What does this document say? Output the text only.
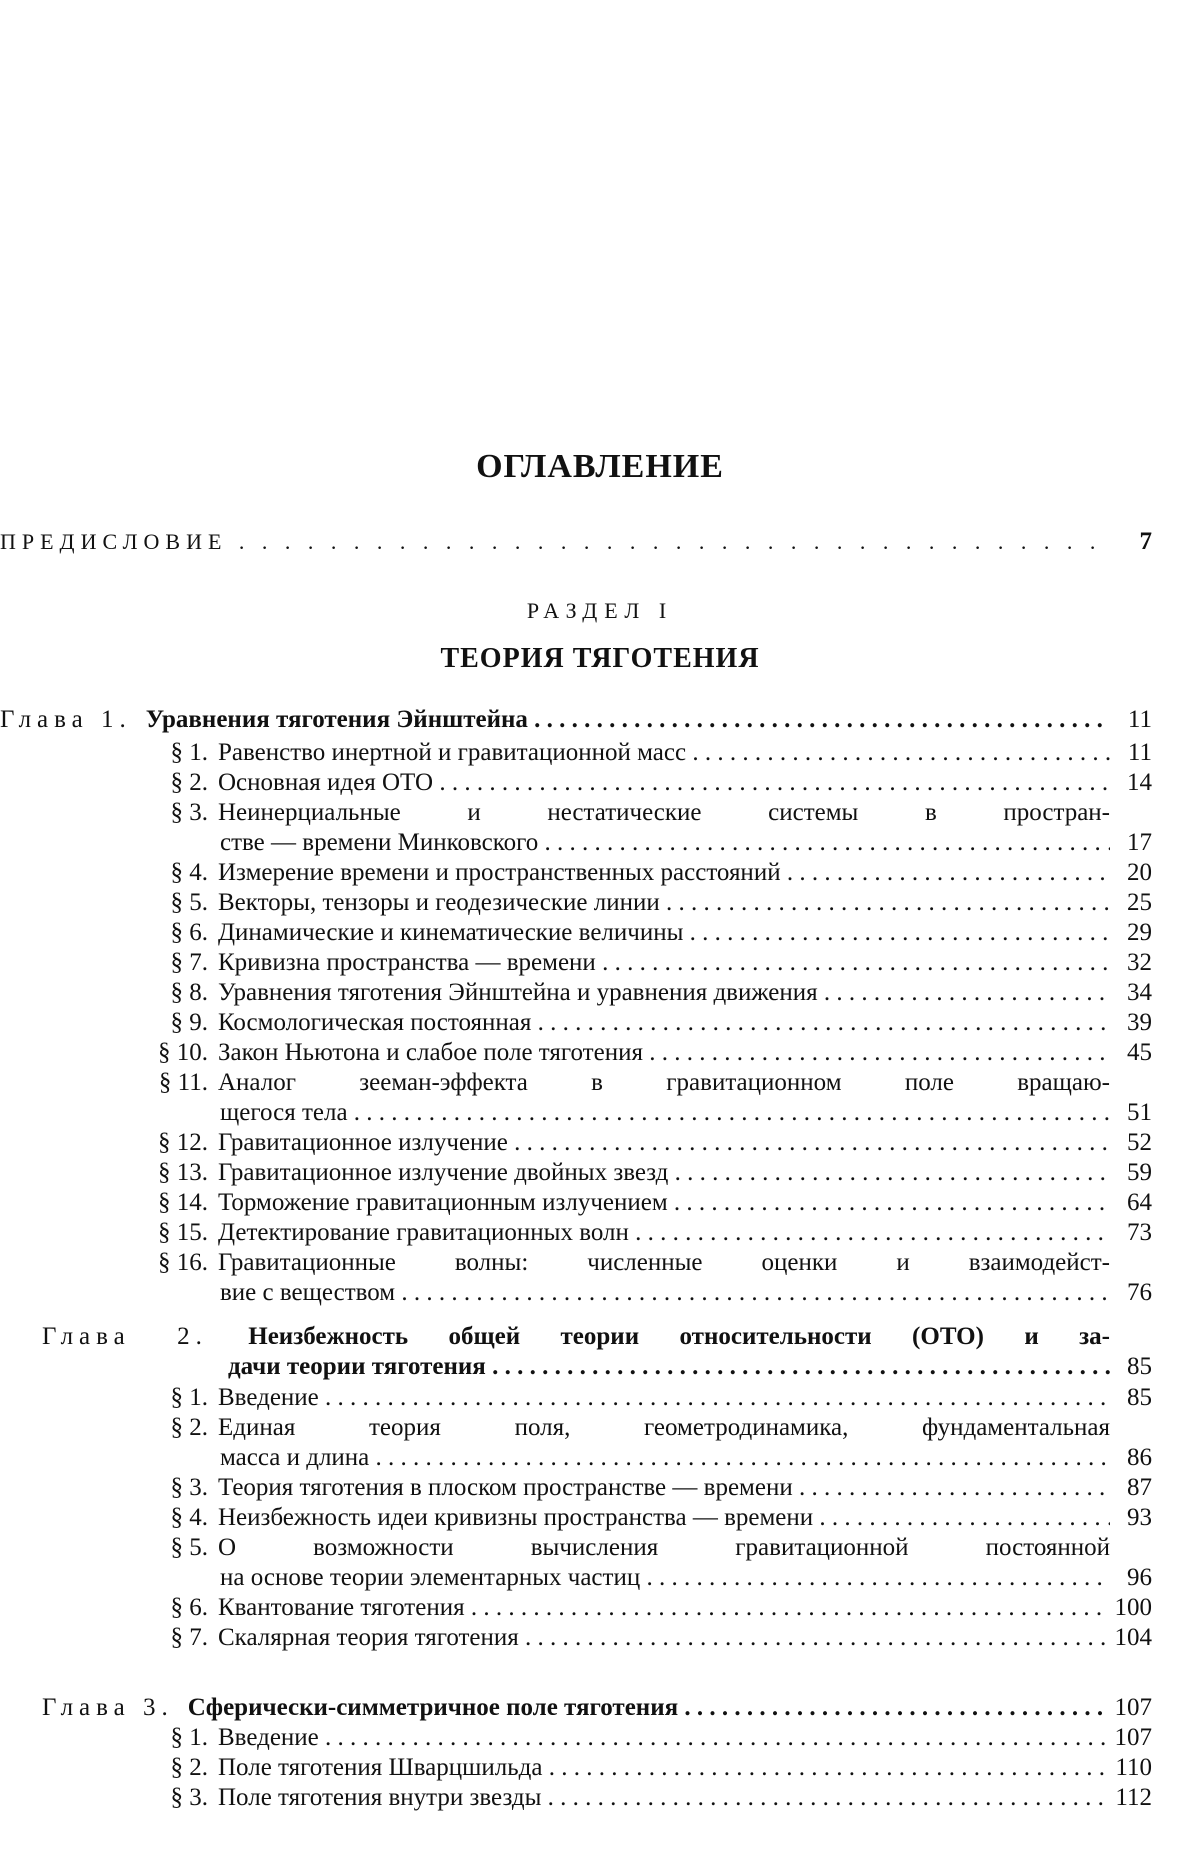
ОГЛАВЛЕНИЕ
ПРЕДИСЛОВИЕ . . .	7
РАЗДЕЛ I
ТЕОРИЯ ТЯГОТЕНИЯ
Глава 1. Уравнения тяготения Эйнштейна . . .	11
§ 1. Равенство инертной и гравитационной масс . . .	11
§ 2. Основная идея ОТО . . .	14
§ 3. Неинерциальные и нестатические системы в простран-
стве — времени Минковского . . .	17
§ 4. Измерение времени и пространственных расстояний . . .	20
§ 5. Векторы, тензоры и геодезические линии . . .	25
§ 6. Динамические и кинематические величины . . .	29
§ 7. Кривизна пространства — времени . . .	32
§ 8. Уравнения тяготения Эйнштейна и уравнения движения . . .	34
§ 9. Космологическая постоянная . . .	39
§ 10. Закон Ньютона и слабое поле тяготения . . .	45
§ 11. Аналог зееман-эффекта в гравитационном поле вращаю-
щегося тела . . .	51
§ 12. Гравитационное излучение . . .	52
§ 13. Гравитационное излучение двойных звезд . . .	59
§ 14. Торможение гравитационным излучением . . .	64
§ 15. Детектирование гравитационных волн . . .	73
§ 16. Гравитационные волны: численные оценки и взаимодейст-
вие с веществом . . .	76
Глава 2. Неизбежность общей теории относительности (ОТО) и за-
дачи теории тяготения . . .	85
§ 1. Введение . . .	85
§ 2. Единая теория поля, геометродинамика, фундаментальная
масса и длина . . .	86
§ 3. Теория тяготения в плоском пространстве — времени . . .	87
§ 4. Неизбежность идеи кривизны пространства — времени . . .	93
§ 5. О возможности вычисления гравитационной постоянной
на основе теории элементарных частиц . . .	96
§ 6. Квантование тяготения . . .	100
§ 7. Скалярная теория тяготения . . .	104
Глава 3. Сферически-симметричное поле тяготения . . .	107
§ 1. Введение . . .	107
§ 2. Поле тяготения Шварцшильда . . .	110
§ 3. Поле тяготения внутри звезды . . .	112
